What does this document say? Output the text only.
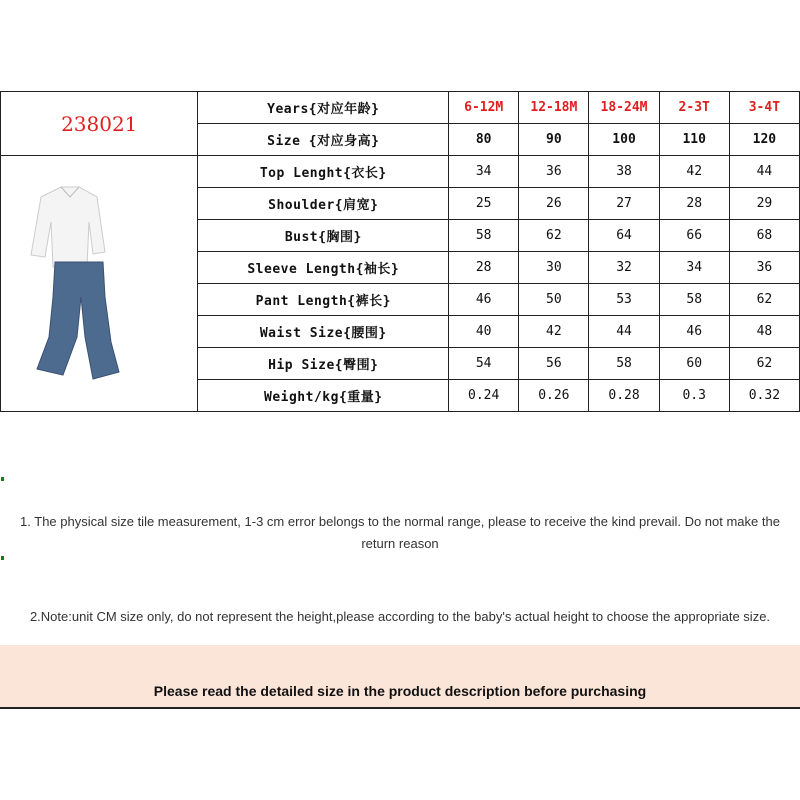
238021	Years{对应年龄}	6-12M	12-18M	18-24M	2-3T	3-4T
	Size {对应身高}	80	90	100	110	120
	Top Lenght{衣长}	34	36	38	42	44
	Shoulder{肩宽}	25	26	27	28	29
	Bust{胸围}	58	62	64	66	68
	Sleeve Length{袖长}	28	30	32	34	36
	Pant Length{裤长}	46	50	53	58	62
	Waist Size{腰围}	40	42	44	46	48
	Hip Size{臀围}	54	56	58	60	62
	Weight/kg{重量}	0.24	0.26	0.28	0.3	0.32
1. The physical size tile measurement, 1-3 cm error belongs to the normal range, please to receive the kind prevail. Do not make the
return reason
2.Note:unit CM size only, do not represent the height,please according to the baby's actual height to choose the appropriate size.
Please read the detailed size in the product description before purchasing
